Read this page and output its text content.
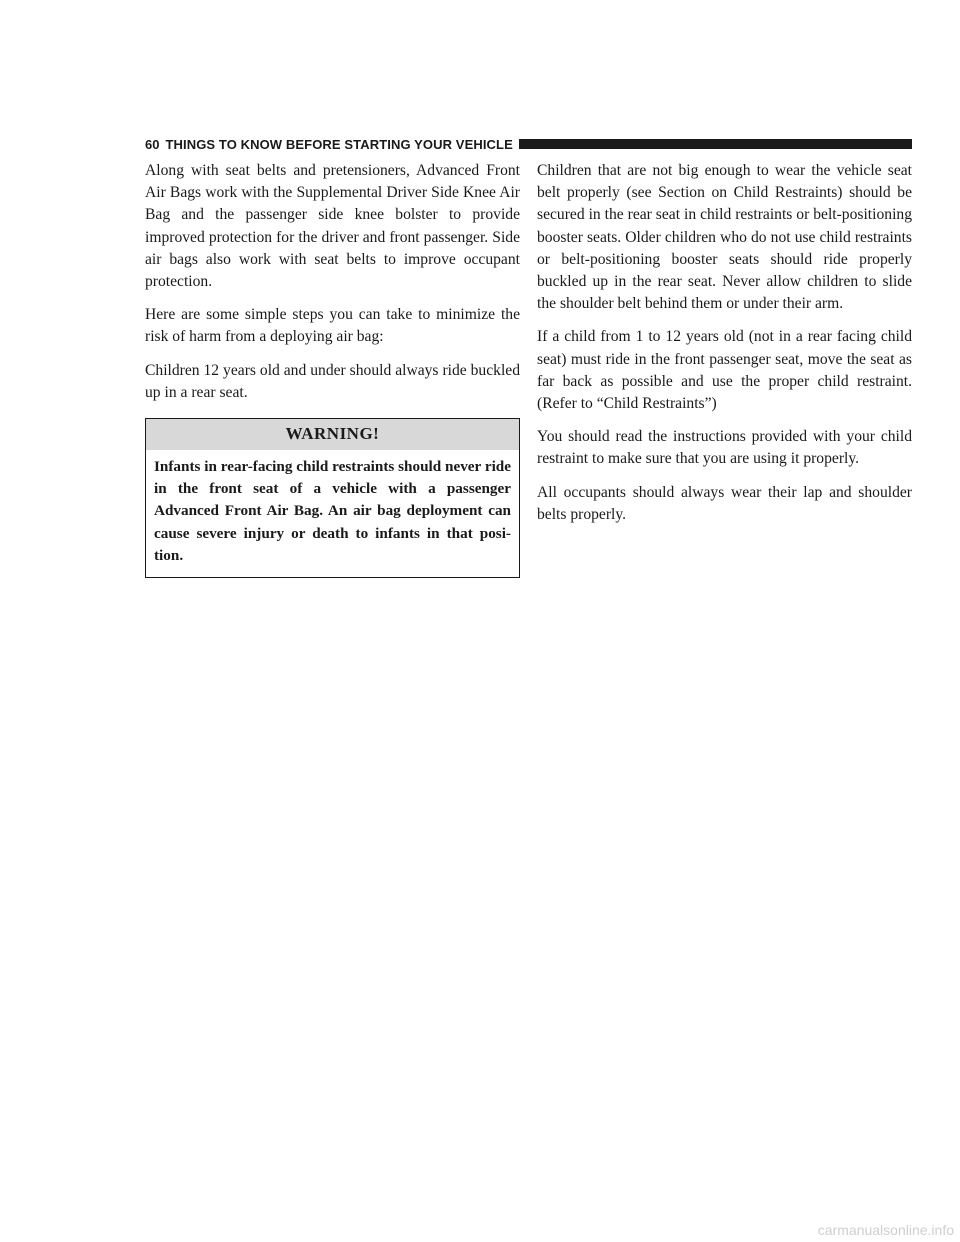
60 THINGS TO KNOW BEFORE STARTING YOUR VEHICLE

Along with seat belts and pretensioners, Advanced Front Air Bags work with the Supplemental Driver Side Knee Air Bag and the passenger side knee bolster to provide improved protection for the driver and front passenger. Side air bags also work with seat belts to improve occupant protection.

Here are some simple steps you can take to minimize the risk of harm from a deploying air bag:

Children 12 years old and under should always ride buckled up in a rear seat.

WARNING!
Infants in rear-facing child restraints should never ride in the front seat of a vehicle with a passenger Advanced Front Air Bag. An air bag deployment can cause severe injury or death to infants in that posi-tion.

Children that are not big enough to wear the vehicle seat belt properly (see Section on Child Restraints) should be secured in the rear seat in child restraints or belt-positioning booster seats. Older children who do not use child restraints or belt-positioning booster seats should ride properly buckled up in the rear seat. Never allow children to slide the shoulder belt behind them or under their arm.

If a child from 1 to 12 years old (not in a rear facing child seat) must ride in the front passenger seat, move the seat as far back as possible and use the proper child restraint. (Refer to “Child Restraints”)

You should read the instructions provided with your child restraint to make sure that you are using it properly.

All occupants should always wear their lap and shoulder belts properly.

carmanualsonline.info
